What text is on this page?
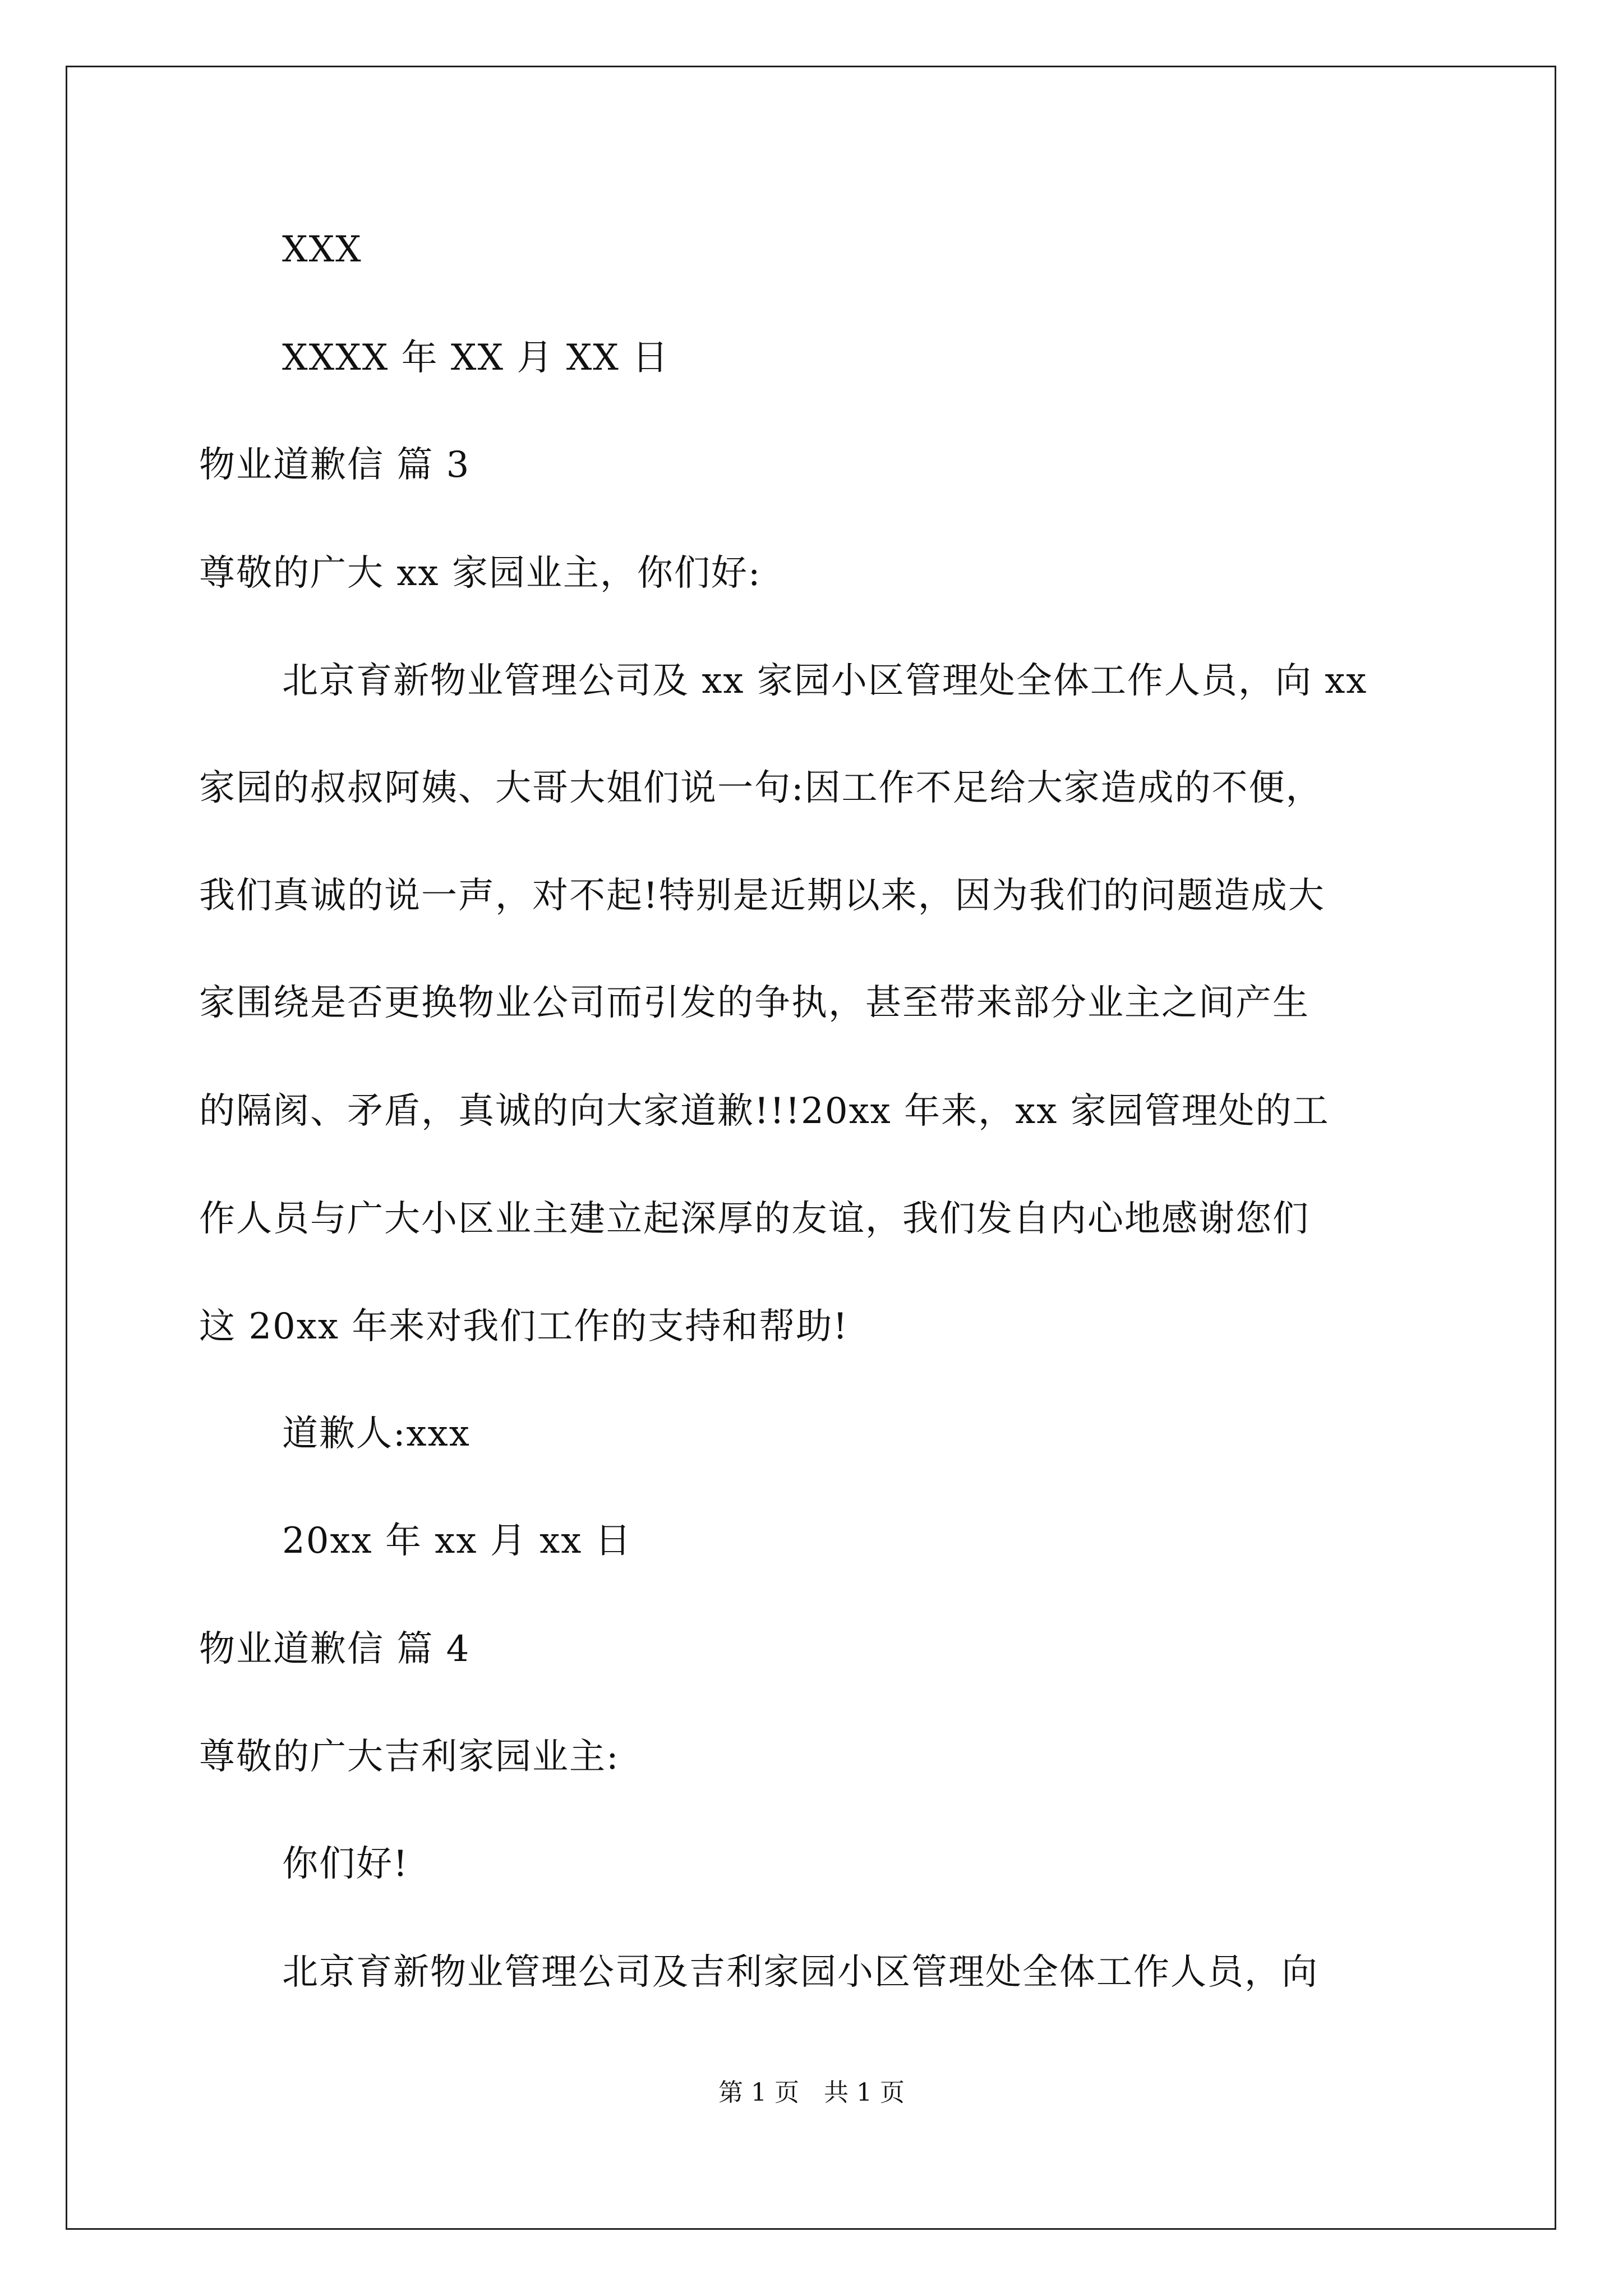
XXX
XXXX 年 XX 月 XX 日
物业道歉信 篇 3
尊敬的广大 xx 家园业主，你们好:
北京育新物业管理公司及 xx 家园小区管理处全体工作人员，向 xx
家园的叔叔阿姨、大哥大姐们说一句:因工作不足给大家造成的不便，
我们真诚的说一声，对不起!特别是近期以来，因为我们的问题造成大
家围绕是否更换物业公司而引发的争执，甚至带来部分业主之间产生
的隔阂、矛盾，真诚的向大家道歉!!!20xx 年来，xx 家园管理处的工
作人员与广大小区业主建立起深厚的友谊，我们发自内心地感谢您们
这 20xx 年来对我们工作的支持和帮助!
道歉人:xxx
20xx 年 xx 月 xx 日
物业道歉信 篇 4
尊敬的广大吉利家园业主:
你们好!
北京育新物业管理公司及吉利家园小区管理处全体工作人员，向
第 1 页　共 1 页
